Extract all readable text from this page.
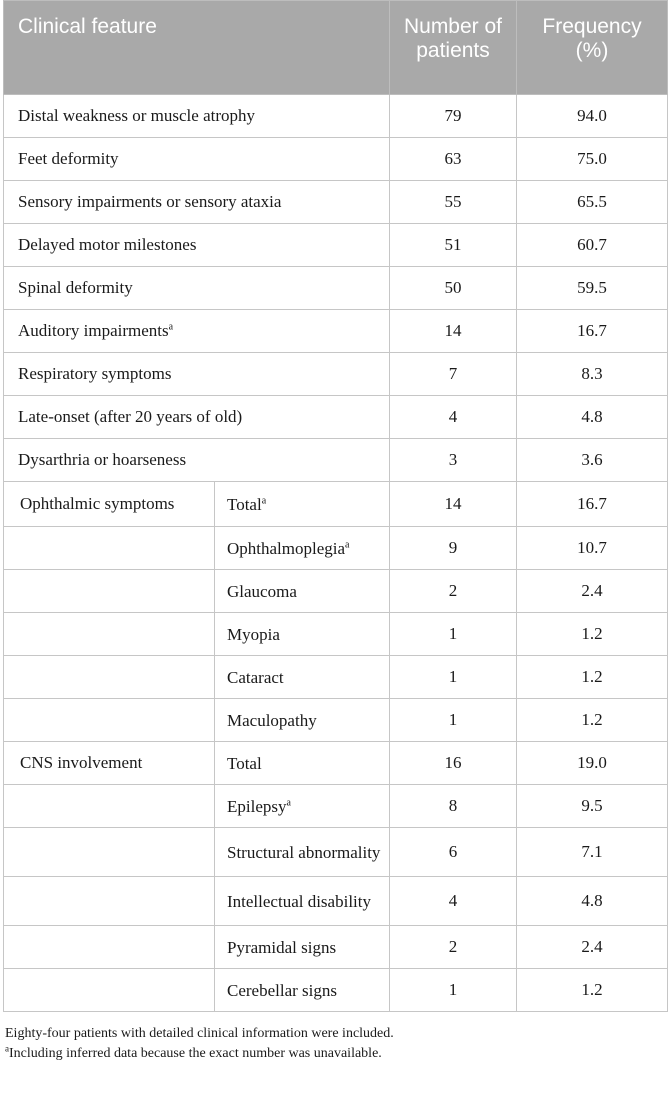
Clinical feature		Number of patients	Frequency (%)
Distal weakness or muscle atrophy		79	94.0
Feet deformity		63	75.0
Sensory impairments or sensory ataxia		55	65.5
Delayed motor milestones		51	60.7
Spinal deformity		50	59.5
Auditory impairments$^a$		14	16.7
Respiratory symptoms		7	8.3
Late-onset (after 20 years of old)		4	4.8
Dysarthria or hoarseness		3	3.6
Ophthalmic symptoms	Total$^a$	14	16.7
	Ophthalmoplegia$^a$	9	10.7
	Glaucoma	2	2.4
	Myopia	1	1.2
	Cataract	1	1.2
	Maculopathy	1	1.2
CNS involvement	Total	16	19.0
	Epilepsy$^a$	8	9.5
	Structural abnormality	6	7.1
	Intellectual disability	4	4.8
	Pyramidal signs	2	2.4
	Cerebellar signs	1	1.2
Eighty-four patients with detailed clinical information were included.
$^a$Including inferred data because the exact number was unavailable.
